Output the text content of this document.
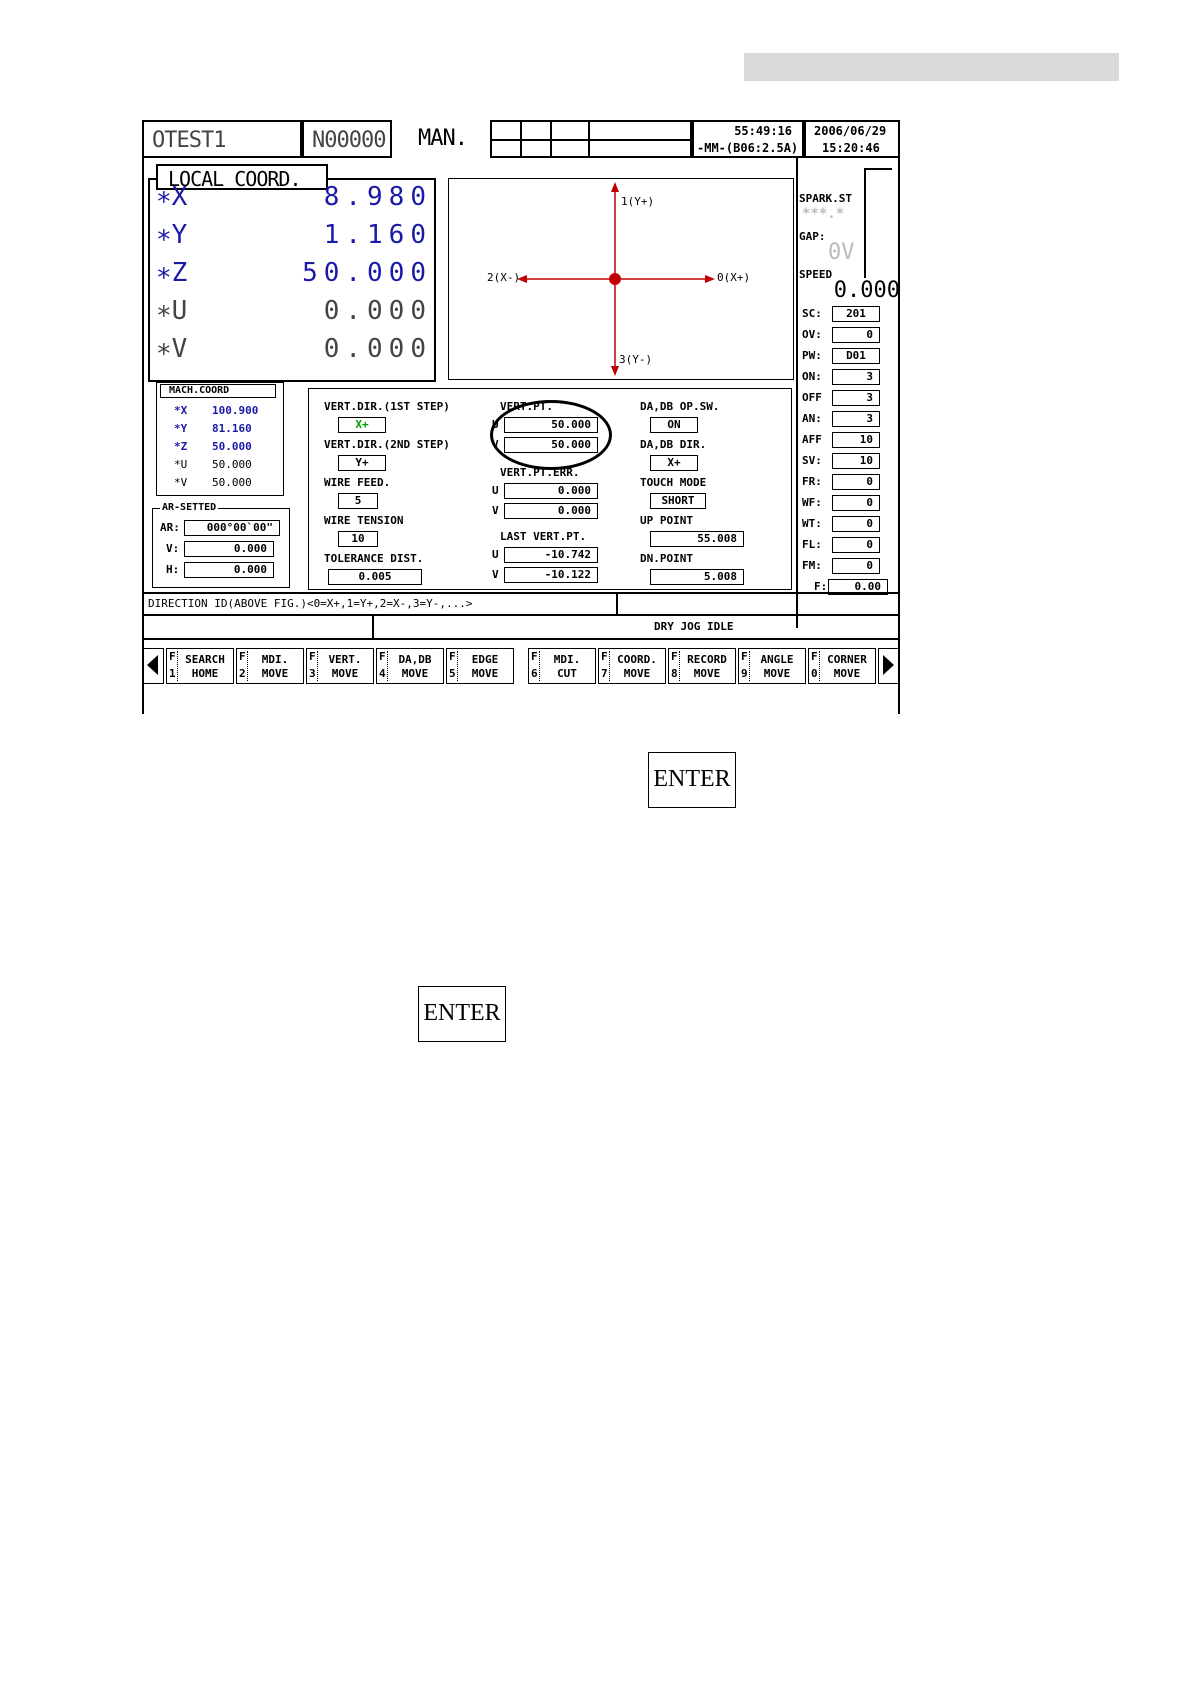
OTEST1	N00000 MAN.	55:49:16
-MM-(B06:2.5A)
2006/06/29
15:20:46
LOCAL COORD.
∗X	8.980
∗Y	1.160
∗Z	50.000
∗U	0.000
∗V	0.000
1(Y+)
3(Y-)
2(X-)	0(X+)
SPARK.ST
***.*
GAP:
0V
SPEED
0.000
SC:	201
OV:	0
PW:	D01
ON:	3
OFF	3
AN:	3
AFF	10
SV:	10
FR:	0
WF:	0
WT:	0
FL:	0
FM:	0
F:	0.00
MACH.COORD
*X 100.900
*Y 81.160
*Z 50.000
*U 50.000
*V 50.000
AR-SETTED
AR:	000°00`00"
V:	0.000
H:	0.000
VERT.DIR.(1ST STEP)
X+
VERT.DIR.(2ND STEP)
Y+
WIRE FEED.
5
WIRE TENSION
10
TOLERANCE DIST.
0.005
VERT.PT.
U	50.000
V	50.000
VERT.PT.ERR.
U	0.000
V	0.000
LAST VERT.PT.
U	-10.742
V	-10.122
DA,DB OP.SW.
ON
DA,DB DIR.
X+
TOUCH MODE
SHORT
UP POINT
55.008
DN.POINT
5.008
DIRECTION ID(ABOVE FIG.)<0=X+,1=Y+,2=X-,3=Y-,...>
DRY JOG IDLE
F
1
SEARCH
HOME
F
2
MDI.
MOVE
F
3
VERT.
MOVE
F
4
DA,DB
MOVE
F
5
EDGE
MOVE
F
6
MDI.
CUT
F
7
COORD.
MOVE
F
8
RECORD
MOVE
F
9
ANGLE
MOVE
F
0
CORNER
MOVE
ENTER
ENTER
